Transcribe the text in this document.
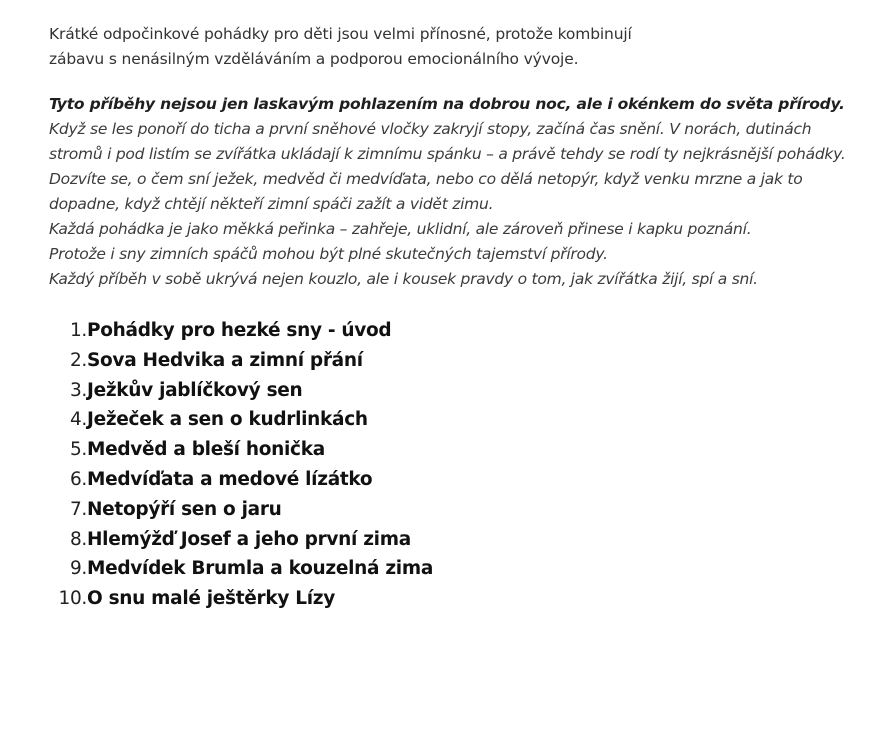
Krátké odpočinkové pohádky pro děti jsou velmi přínosné, protože kombinují
zábavu s nenásilným vzděláváním a podporou emocionálního vývoje.

Tyto příběhy nejsou jen laskavým pohlazením na dobrou noc, ale i okénkem do světa přírody.

Když se les ponoří do ticha a první sněhové vločky zakryjí stopy, začíná čas snění. V norách, dutinách stromů i pod listím se zvířátka ukládají k zimnímu spánku – a právě tehdy se rodí ty nejkrásnější pohádky.

Dozvíte se, o čem sní ježek, medvěd či medvíďata, nebo co dělá netopýr, když venku mrzne a jak to dopadne, když chtějí někteří zimní spáči zažít a vidět zimu.

Každá pohádka je jako měkká peřinka – zahřeje, uklidní, ale zároveň přinese i kapku poznání.

Protože i sny zimních spáčů mohou být plné skutečných tajemství přírody.

Každý příběh v sobě ukrývá nejen kouzlo, ale i kousek pravdy o tom, jak zvířátka žijí, spí a sní.

1. Pohádky pro hezké sny - úvod
2. Sova Hedvika a zimní přání
3. Ježkův jablíčkový sen
4. Ježeček a sen o kudrlinkách
5. Medvěd a bleší honička
6. Medvíďata a medové lízátko
7. Netopýří sen o jaru
8. Hlemýžď Josef a jeho první zima
9. Medvídek Brumla a kouzelná zima
10. O snu malé ještěrky Lízy
